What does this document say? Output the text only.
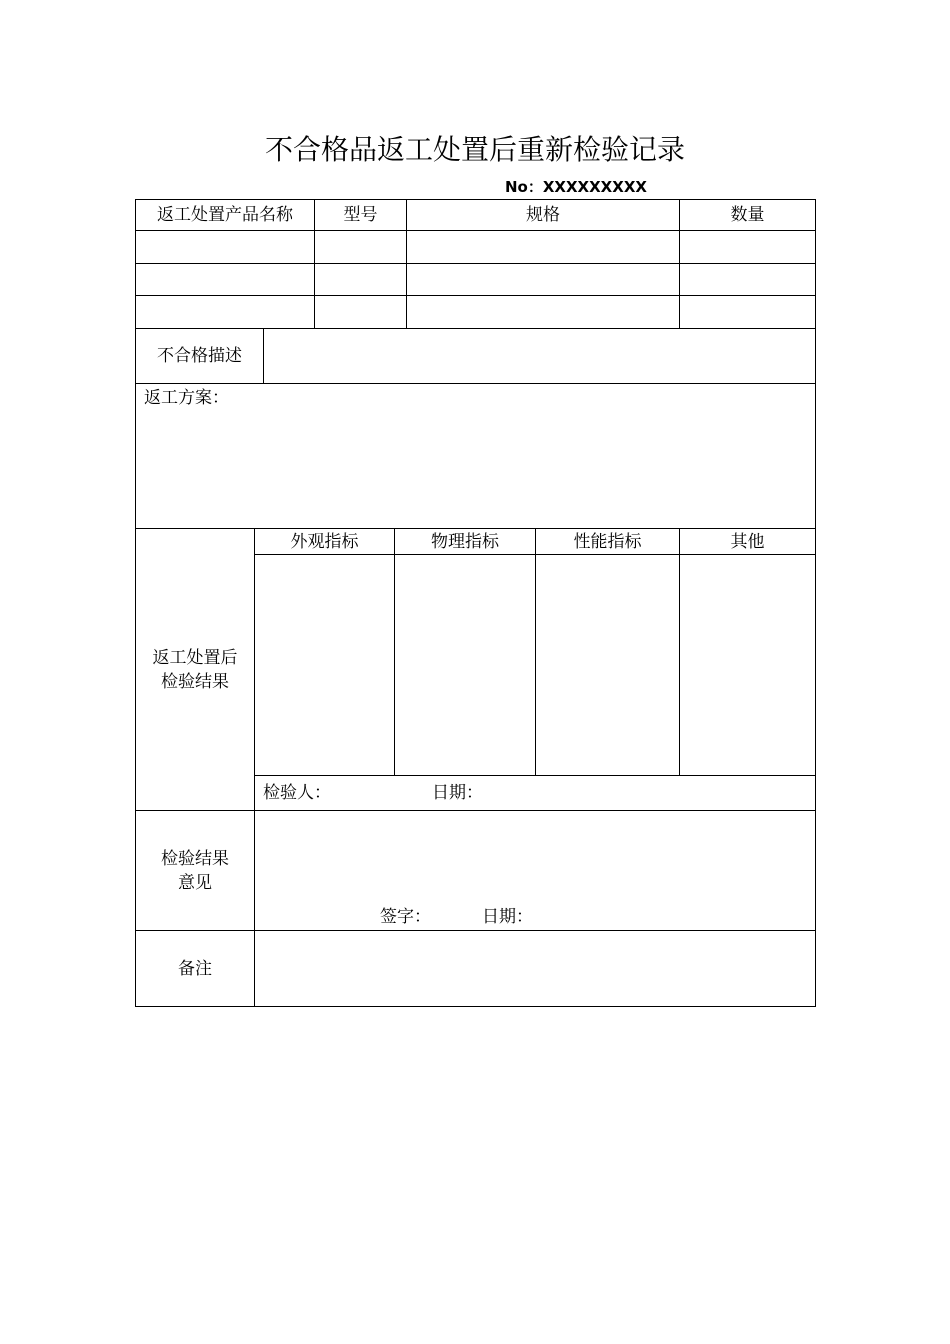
不合格品返工处置后重新检验记录
No：XXXXXXXXX
返工处置产品名称	型号	规格	数量
不合格描述
返工方案：
返工处置后
检验结果
外观指标	物理指标	性能指标	其他
检验人：	日期：
检验结果
意见
签字：	日期：
备注
